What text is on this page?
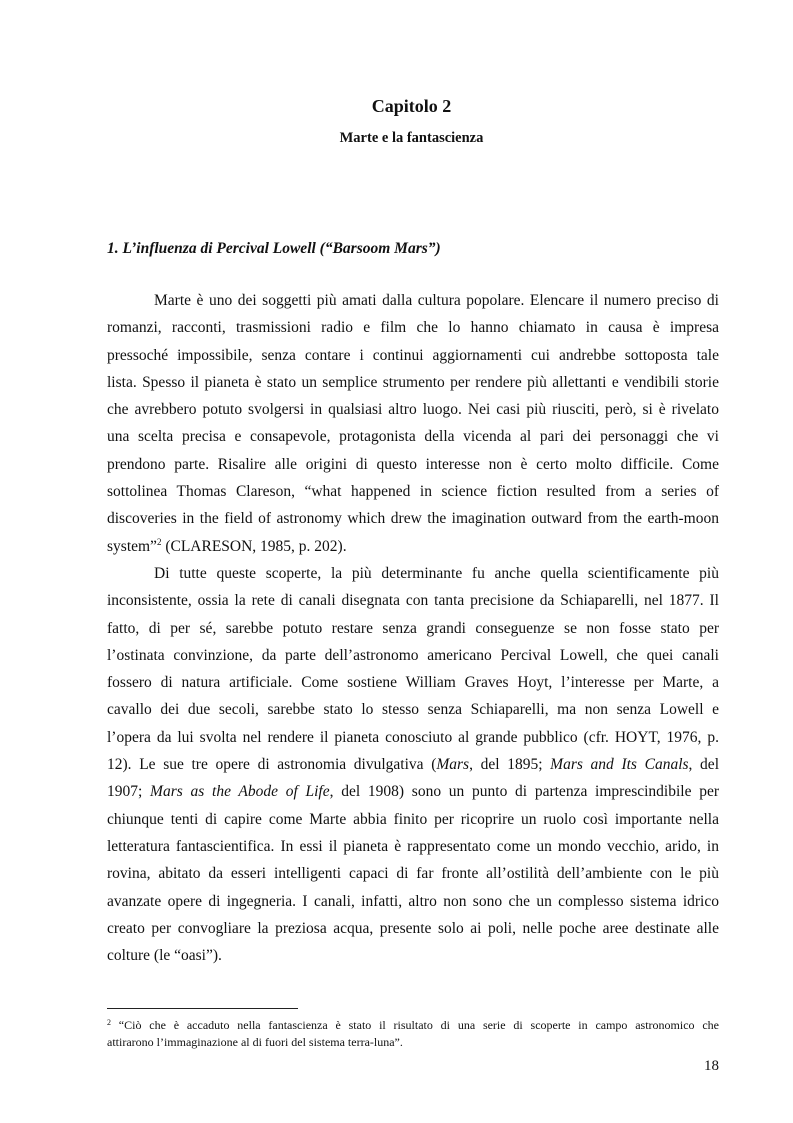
Capitolo 2
Marte e la fantascienza
1. L’influenza di Percival Lowell (“Barsoom Mars”)
Marte è uno dei soggetti più amati dalla cultura popolare. Elencare il numero preciso di
romanzi, racconti, trasmissioni radio e film che lo hanno chiamato in causa è impresa
pressoché impossibile, senza contare i continui aggiornamenti cui andrebbe sottoposta tale
lista. Spesso il pianeta è stato un semplice strumento per rendere più allettanti e vendibili storie
che avrebbero potuto svolgersi in qualsiasi altro luogo. Nei casi più riusciti, però, si è rivelato
una scelta precisa e consapevole, protagonista della vicenda al pari dei personaggi che vi
prendono parte. Risalire alle origini di questo interesse non è certo molto difficile. Come
sottolinea Thomas Clareson, “what happened in science fiction resulted from a series of
discoveries in the field of astronomy which drew the imagination outward from the earth-moon
system”$^2$ (CLARESON, 1985, p. 202).
Di tutte queste scoperte, la più determinante fu anche quella scientificamente più
inconsistente, ossia la rete di canali disegnata con tanta precisione da Schiaparelli, nel 1877. Il
fatto, di per sé, sarebbe potuto restare senza grandi conseguenze se non fosse stato per
l’ostinata convinzione, da parte dell’astronomo americano Percival Lowell, che quei canali
fossero di natura artificiale. Come sostiene William Graves Hoyt, l’interesse per Marte, a
cavallo dei due secoli, sarebbe stato lo stesso senza Schiaparelli, ma non senza Lowell e
l’opera da lui svolta nel rendere il pianeta conosciuto al grande pubblico (cfr. HOYT, 1976, p.
12). Le sue tre opere di astronomia divulgativa (Mars, del 1895; Mars and Its Canals, del
1907; Mars as the Abode of Life, del 1908) sono un punto di partenza imprescindibile per
chiunque tenti di capire come Marte abbia finito per ricoprire un ruolo così importante nella
letteratura fantascientifica. In essi il pianeta è rappresentato come un mondo vecchio, arido, in
rovina, abitato da esseri intelligenti capaci di far fronte all’ostilità dell’ambiente con le più
avanzate opere di ingegneria. I canali, infatti, altro non sono che un complesso sistema idrico
creato per convogliare la preziosa acqua, presente solo ai poli, nelle poche aree destinate alle
colture (le “oasi”).
$^2$ “Ciò che è accaduto nella fantascienza è stato il risultato di una serie di scoperte in campo astronomico che
attirarono l’immaginazione al di fuori del sistema terra-luna”.
18
